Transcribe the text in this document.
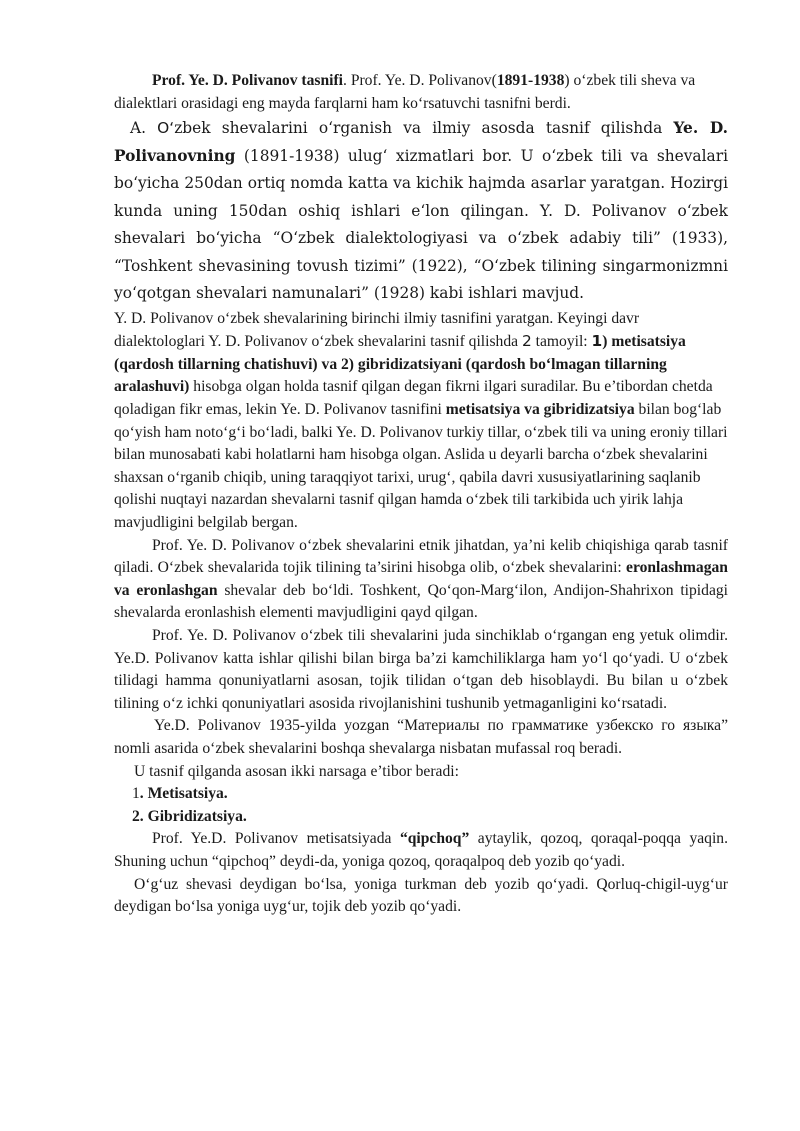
Prof. Ye. D. Polivanov tasnifi. Prof. Ye. D. Polivanov(1891-1938) o‘zbek tili sheva va dialektlari orasidagi eng mayda farqlarni ham ko‘rsatuvchi tasnifni berdi.

A. O‘zbek shevalarini o‘rganish va ilmiy asosda tasnif qilishda Ye. D. Polivanovning (1891-1938) ulug‘ xizmatlari bor. U o‘zbek tili va shevalari bo‘yicha 250dan ortiq nomda katta va kichik hajmda asarlar yaratgan. Hozirgi kunda uning 150dan oshiq ishlari e‘lon qilingan. Y. D. Polivanov o‘zbek shevalari bo‘yicha “O‘zbek dialektologiyasi va o‘zbek adabiy tili” (1933), “Toshkent shevasining tovush tizimi” (1922), “O‘zbek tilining singarmonizmni yo‘qotgan shevalari namunalari” (1928) kabi ishlari mavjud.

Y. D. Polivanov o‘zbek shevalarining birinchi ilmiy tasnifini yaratgan. Keyingi davr dialektologlari Y. D. Polivanov o‘zbek shevalarini tasnif qilishda 2 tamoyil: 1) metisatsiya (qardosh tillarning chatishuvi) va 2) gibridizatsiyani (qardosh bo‘lmagan tillarning aralashuvi) hisobga olgan holda tasnif qilgan degan fikrni ilgari suradilar. Bu e’tibordan chetda qoladigan fikr emas, lekin Ye. D. Polivanov tasnifini metisatsiya va gibridizatsiya bilan bog‘lab qo‘yish ham noto‘g‘i bo‘ladi, balki Ye. D. Polivanov turkiy tillar, o‘zbek tili va uning eroniy tillari bilan munosabati kabi holatlarni ham hisobga olgan. Aslida u deyarli barcha o‘zbek shevalarini shaxsan o‘rganib chiqib, uning taraqqiyot tarixi, urug‘, qabila davri xususiyatlarining saqlanib qolishi nuqtayi nazardan shevalarni tasnif qilgan hamda o‘zbek tili tarkibida uch yirik lahja mavjudligini belgilab bergan.

Prof. Ye. D. Polivanov o‘zbek shevalarini etnik jihatdan, ya’ni kelib chiqishiga qarab tasnif qiladi. O‘zbek shevalarida tojik tilining ta’sirini hisobga olib, o‘zbek shevalarini: eronlashmagan va eronlashgan shevalar deb bo‘ldi. Toshkent, Qo‘qon-Marg‘ilon, Andijon-Shahrixon tipidagi shevalarda eronlashish elementi mavjudligini qayd qilgan.

Prof. Ye. D. Polivanov o‘zbek tili shevalarini juda sinchiklab o‘rgangan eng yetuk olimdir. Ye.D. Polivanov katta ishlar qilishi bilan birga ba’zi kamchiliklarga ham yo‘l qo‘yadi. U o‘zbek tilidagi hamma qonuniyatlarni asosan, tojik tilidan o‘tgan deb hisoblaydi. Bu bilan u o‘zbek tilining o‘z ichki qonuniyatlari asosida rivojlanishini tushunib yetmaganligini ko‘rsatadi.

Ye.D. Polivanov 1935-yilda yozgan “Материалы по грамматике узбекско го языка” nomli asarida o‘zbek shevalarini boshqa shevalarga nisbatan mufassal roq beradi.

U tasnif qilganda asosan ikki narsaga e’tibor beradi:

1. Metisatsiya.

2. Gibridizatsiya.

Prof. Ye.D. Polivanov metisatsiyada “qipchoq” aytaylik, qozoq, qoraqal-poqqa yaqin. Shuning uchun “qipchoq” deydi-da, yoniga qozoq, qoraqalpoq deb yozib qo‘yadi.

O‘g‘uz shevasi deydigan bo‘lsa, yoniga turkman deb yozib qo‘yadi. Qorluq-chigil-uyg‘ur deydigan bo‘lsa yoniga uyg‘ur, tojik deb yozib qo‘yadi.
